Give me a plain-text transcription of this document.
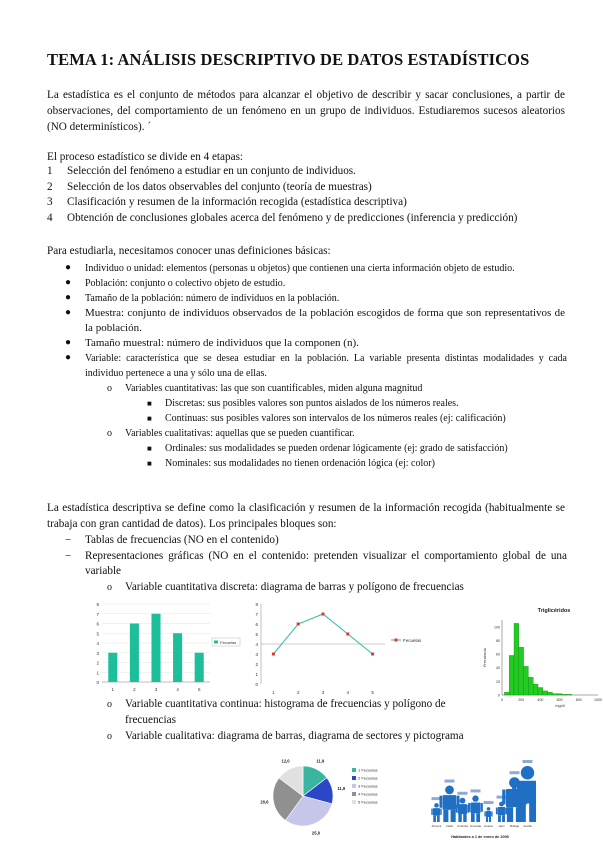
TEMA 1: ANÁLISIS DESCRIPTIVO DE DATOS ESTADÍSTICOS

La estadística es el conjunto de métodos para alcanzar el objetivo de describir y sacar conclusiones, a partir de observaciones, del comportamiento de un fenómeno en un grupo de individuos. Estudiaremos sucesos aleatorios (NO determinísticos). ´

El proceso estadístico se divide en 4 etapas:

1 Selección del fenómeno a estudiar en un conjunto de individuos.
2 Selección de los datos observables del conjunto (teoría de muestras)
3 Clasificación y resumen de la información recogida (estadística descriptiva)
4 Obtención de conclusiones globales acerca del fenómeno y de predicciones (inferencia y predicción)

Para estudiarla, necesitamos conocer unas definiciones básicas:

● Individuo o unidad: elementos (personas u objetos) que contienen una cierta información objeto de estudio.
● Población: conjunto o colectivo objeto de estudio.
● Tamaño de la población: número de individuos en la población.
● Muestra: conjunto de individuos observados de la población escogidos de forma que son representativos de la población.
● Tamaño muestral: número de individuos que la componen (n).
● Variable: característica que se desea estudiar en la población. La variable presenta distintas modalidades y cada individuo pertenece a una y sólo una de ellas.
o Variables cuantitativas: las que son cuantificables, miden alguna magnitud
■ Discretas: sus posibles valores son puntos aislados de los números reales.
■ Continuas: sus posibles valores son intervalos de los números reales (ej: calificación)
o Variables cualitativas: aquellas que se pueden cuantificar.
■ Ordinales: sus modalidades se pueden ordenar lógicamente (ej: grado de satisfacción)
■ Nominales: sus modalidades no tienen ordenación lógica (ej: color)

La estadística descriptiva se define como la clasificación y resumen de la información recogida (habitualmente se trabaja con gran cantidad de datos). Los principales bloques son:

− Tablas de frecuencias (NO en el contenido)
− Representaciones gráficas (NO en el contenido: pretenden visualizar el comportamiento global de una variable
o Variable cuantitativa discreta: diagrama de barras y polígono de frecuencias
o Variable cuantitativa continua: histograma de frecuencias y polígono de frecuencias
o Variable cualitativa: diagrama de barras, diagrama de sectores y pictograma
0
1
2
3
4
5
6
7
8
1	2	3	4	5
Fecuelas
0
1
2
3
4
5
6
7
8
1	2	3	4	5
Fecuelas
Triglicéridos
0
20
40
60
80
100
0	200	400	600	800	1000
mg/dl
Frecuencia
11,9
1 Fecuelas
11,9
2 Fecuelas
25,0
3 Fecuelas
20,6
4 Fecuelas
12,0
5 Fecuelas
Almería Cádiz Córdoba Granada Huelva Jaén Málaga Sevilla
Habitantes a 1 de enero de 2005
